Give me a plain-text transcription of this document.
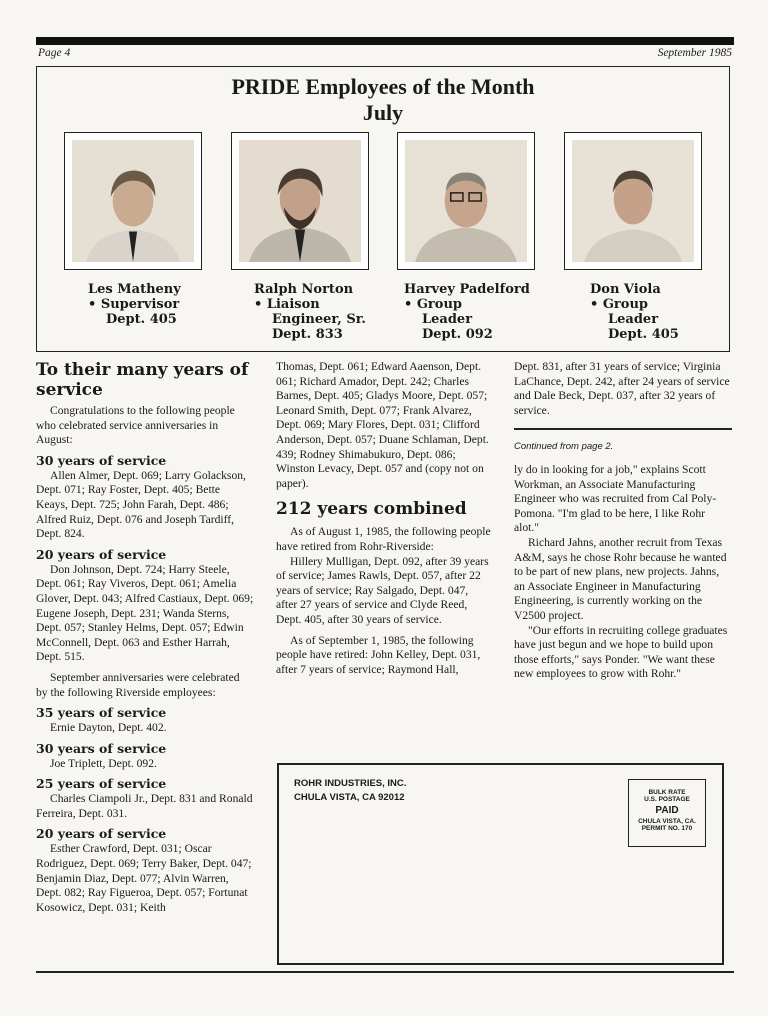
Page 4	September 1985
PRIDE Employees of the Month
July
Les Matheny
• Supervisor
Dept. 405
Ralph Norton
• Liaison
Engineer, Sr.
Dept. 833
Harvey Padelford
• Group
Leader
Dept. 092
Don Viola
• Group
Leader
Dept. 405
To their many years of service

Congratulations to the following people who celebrated service anniversaries in August:

30 years of service

Allen Almer, Dept. 069; Larry Golackson, Dept. 071; Ray Foster, Dept. 405; Bette Keays, Dept. 725; John Farah, Dept. 486; Alfred Ruiz, Dept. 076 and Joseph Tardiff, Dept. 824.

20 years of service

Don Johnson, Dept. 724; Harry Steele, Dept. 061; Ray Viveros, Dept. 061; Amelia Glover, Dept. 043; Alfred Castiaux, Dept. 069; Eugene Joseph, Dept. 231; Wanda Sterns, Dept. 057; Stanley Helms, Dept. 057; Edwin McConnell, Dept. 063 and Esther Harrah, Dept. 515.

September anniversaries were celebrated by the following Riverside employees:

35 years of service

Ernie Dayton, Dept. 402.

30 years of service

Joe Triplett, Dept. 092.

25 years of service

Charles Ciampoli Jr., Dept. 831 and Ronald Ferreira, Dept. 031.

20 years of service

Esther Crawford, Dept. 031; Oscar Rodriguez, Dept. 069; Terry Baker, Dept. 047; Benjamin Diaz, Dept. 077; Alvin Warren, Dept. 082; Ray Figueroa, Dept. 057; Fortunat Kosowicz, Dept. 031; Keith

Thomas, Dept. 061; Edward Aaenson, Dept. 061; Richard Amador, Dept. 242; Charles Barnes, Dept. 405; Gladys Moore, Dept. 057; Leonard Smith, Dept. 077; Frank Alvarez, Dept. 069; Mary Flores, Dept. 031; Clifford Anderson, Dept. 057; Duane Schlaman, Dept. 439; Rodney Shimabukuro, Dept. 086; Winston Levacy, Dept. 057 and (copy not on paper).

212 years combined

As of August 1, 1985, the following people have retired from Rohr-Riverside:

Hillery Mulligan, Dept. 092, after 39 years of service; James Rawls, Dept. 057, after 22 years of service; Ray Salgado, Dept. 047, after 27 years of service and Clyde Reed, Dept. 405, after 30 years of service.

As of September 1, 1985, the following people have retired: John Kelley, Dept. 031, after 7 years of service; Raymond Hall,

Dept. 831, after 31 years of service; Virginia LaChance, Dept. 242, after 24 years of service and Dale Beck, Dept. 037, after 32 years of service.

Continued from page 2.

ly do in looking for a job," explains Scott Workman, an Associate Manufacturing Engineer who was recruited from Cal Poly-Pomona. "I'm glad to be here, I like Rohr alot."

Richard Jahns, another recruit from Texas A&M, says he chose Rohr because he wanted to be part of new plans, new projects. Jahns, an Associate Engineer in Manufacturing Engineering, is currently working on the V2500 project.

"Our efforts in recruiting college graduates have just begun and we hope to build upon those efforts," says Ponder. "We want these new employees to grow with Rohr."

ROHR INDUSTRIES, INC.
CHULA VISTA, CA 92012	BULK RATE
U.S. POSTAGE
PAID
CHULA VISTA, CA.
PERMIT NO. 170
